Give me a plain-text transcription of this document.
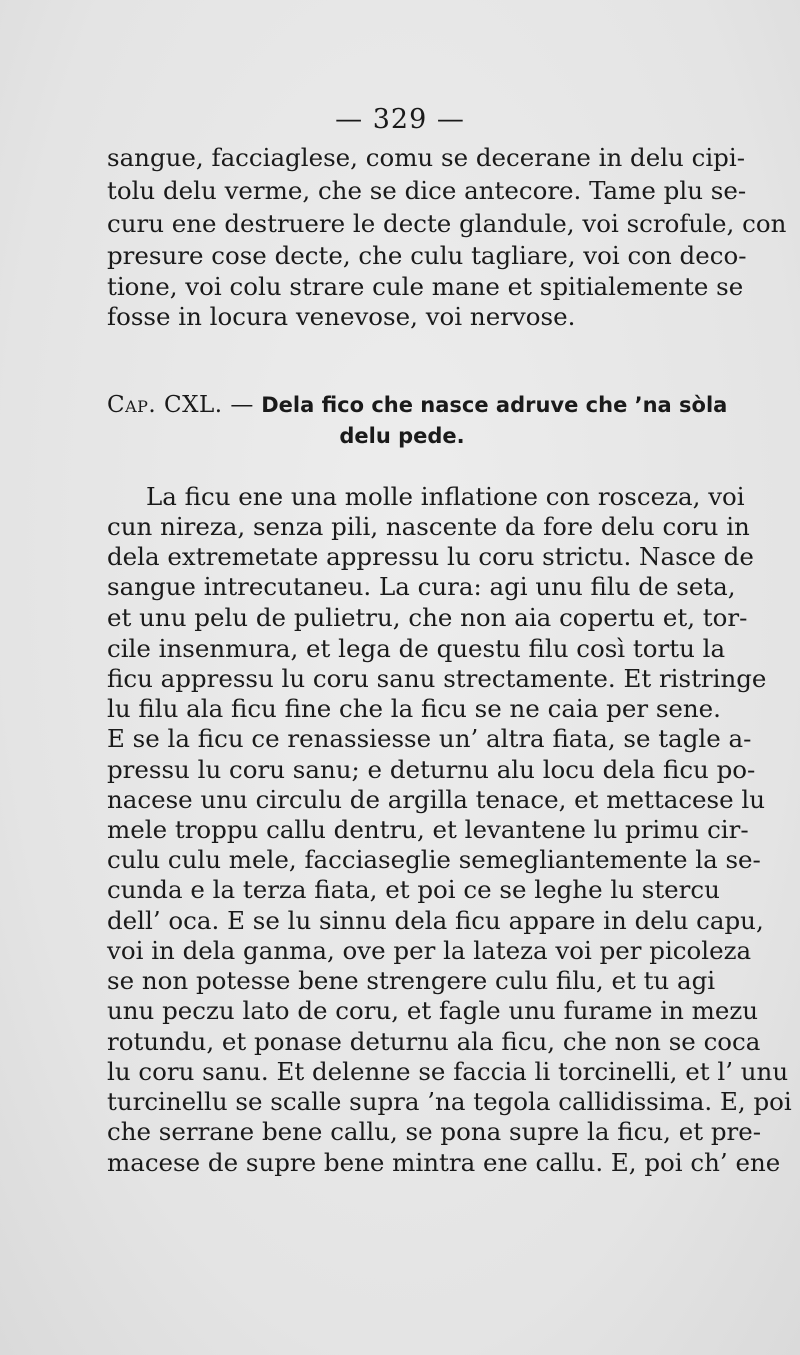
— 329 —
sangue, facciaglese, comu se decerane in delu cipi-
tolu delu verme, che se dice antecore. Tame plu se-
curu ene destruere le decte glandule, voi scrofule, con
presure cose decte, che culu tagliare, voi con deco-
tione, voi colu strare cule mane et spitialemente se
fosse in locura venevose, voi nervose.
Cap. CXL. — Dela fico che nasce adruve che ’na sòla
delu pede.
La ficu ene una molle inflatione con rosceza, voi
cun nireza, senza pili, nascente da fore delu coru in
dela extremetate appressu lu coru strictu. Nasce de
sangue intrecutaneu. La cura: agi unu filu de seta,
et unu pelu de pulietru, che non aia copertu et, tor-
cile insenmura, et lega de questu filu così tortu la
ficu appressu lu coru sanu strectamente. Et ristringe
lu filu ala ficu fine che la ficu se ne caia per sene.
E se la ficu ce renassiesse un’ altra fiata, se tagle a-
pressu lu coru sanu; e deturnu alu locu dela ficu po-
nacese unu circulu de argilla tenace, et mettacese lu
mele troppu callu dentru, et levantene lu primu cir-
culu culu mele, facciaseglie semegliantemente la se-
cunda e la terza fiata, et poi ce se leghe lu stercu
dell’ oca. E se lu sinnu dela ficu appare in delu capu,
voi in dela ganma, ove per la lateza voi per picoleza
se non potesse bene strengere culu filu, et tu agi
unu peczu lato de coru, et fagle unu furame in mezu
rotundu, et ponase deturnu ala ficu, che non se coca
lu coru sanu. Et delenne se faccia li torcinelli, et l’ unu
turcinellu se scalle supra ’na tegola callidissima. E, poi
che serrane bene callu, se pona supre la ficu, et pre-
macese de supre bene mintra ene callu. E, poi ch’ ene
